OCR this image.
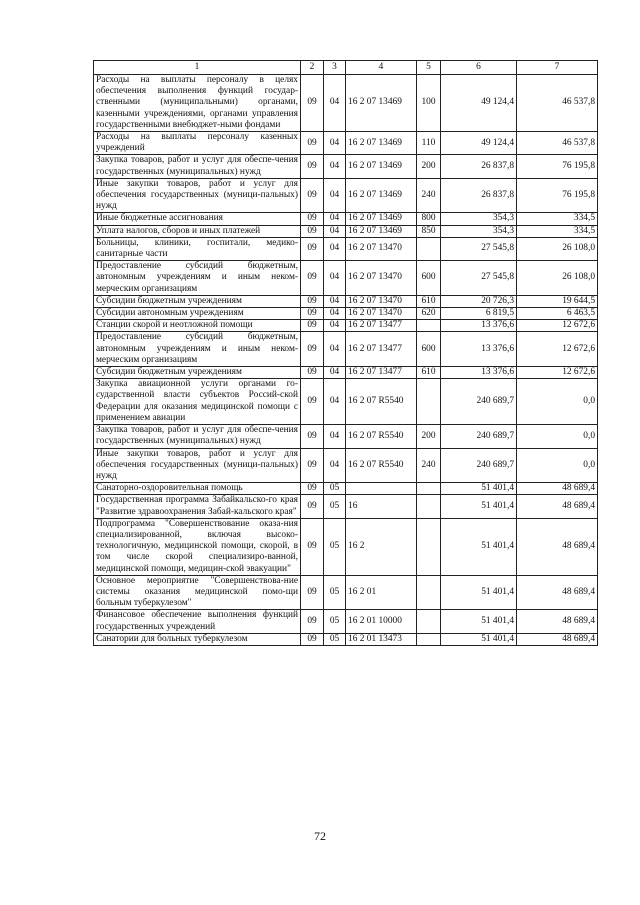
1	2	3	4	5	6	7
Расходы на выплаты персоналу в целях обеспечения выполнения функций государ-ственными (муниципальными) органами, казенными учреждениями, органами управления государственными внебюджет-ными фондами	09	04	16 2 07 13469	100	49 124,4	46 537,8
Расходы на выплаты персоналу казенных учреждений	09	04	16 2 07 13469	110	49 124,4	46 537,8
Закупка товаров, работ и услуг для обеспе-чения государственных (муниципальных) нужд	09	04	16 2 07 13469	200	26 837,8	76 195,8
Иные закупки товаров, работ и услуг для обеспечения государственных (муници-пальных) нужд	09	04	16 2 07 13469	240	26 837,8	76 195,8
Иные бюджетные ассигнования	09	04	16 2 07 13469	800	354,3	334,5
Уплата налогов, сборов и иных платежей	09	04	16 2 07 13469	850	354,3	334,5
Больницы, клиники, госпитали, медико-санитарные части	09	04	16 2 07 13470		27 545,8	26 108,0
Предоставление субсидий бюджетным, автономным учреждениям и иным неком-мерческим организациям	09	04	16 2 07 13470	600	27 545,8	26 108,0
Субсидии бюджетным учреждениям	09	04	16 2 07 13470	610	20 726,3	19 644,5
Субсидии автономным учреждениям	09	04	16 2 07 13470	620	6 819,5	6 463,5
Станции скорой и неотложной помощи	09	04	16 2 07 13477		13 376,6	12 672,6
Предоставление субсидий бюджетным, автономным учреждениям и иным неком-мерческим организациям	09	04	16 2 07 13477	600	13 376,6	12 672,6
Субсидии бюджетным учреждениям	09	04	16 2 07 13477	610	13 376,6	12 672,6
Закупка авиационной услуги органами го-сударственной власти субъектов Россий-ской Федерации для оказания медицинской помощи с применением авиации	09	04	16 2 07 R5540		240 689,7	0,0
Закупка товаров, работ и услуг для обеспе-чения государственных (муниципальных) нужд	09	04	16 2 07 R5540	200	240 689,7	0,0
Иные закупки товаров, работ и услуг для обеспечения государственных (муници-пальных) нужд	09	04	16 2 07 R5540	240	240 689,7	0,0
Санаторно-оздоровительная помощь	09	05			51 401,4	48 689,4
Государственная программа Забайкальско-го края "Развитие здравоохранения Забай-кальского края"	09	05	16		51 401,4	48 689,4
Подпрограмма "Совершенствование оказа-ния специализированной, включая высоко-технологичную, медицинской помощи, скорой, в том числе скорой специализиро-ванной, медицинской помощи, медицин-ской эвакуации"	09	05	16 2		51 401,4	48 689,4
Основное мероприятие "Совершенствова-ние системы оказания медицинской помо-щи больным туберкулезом"	09	05	16 2 01		51 401,4	48 689,4
Финансовое обеспечение выполнения функций государственных учреждений	09	05	16 2 01 10000		51 401,4	48 689,4
Санатории для больных туберкулезом	09	05	16 2 01 13473		51 401,4	48 689,4
72
